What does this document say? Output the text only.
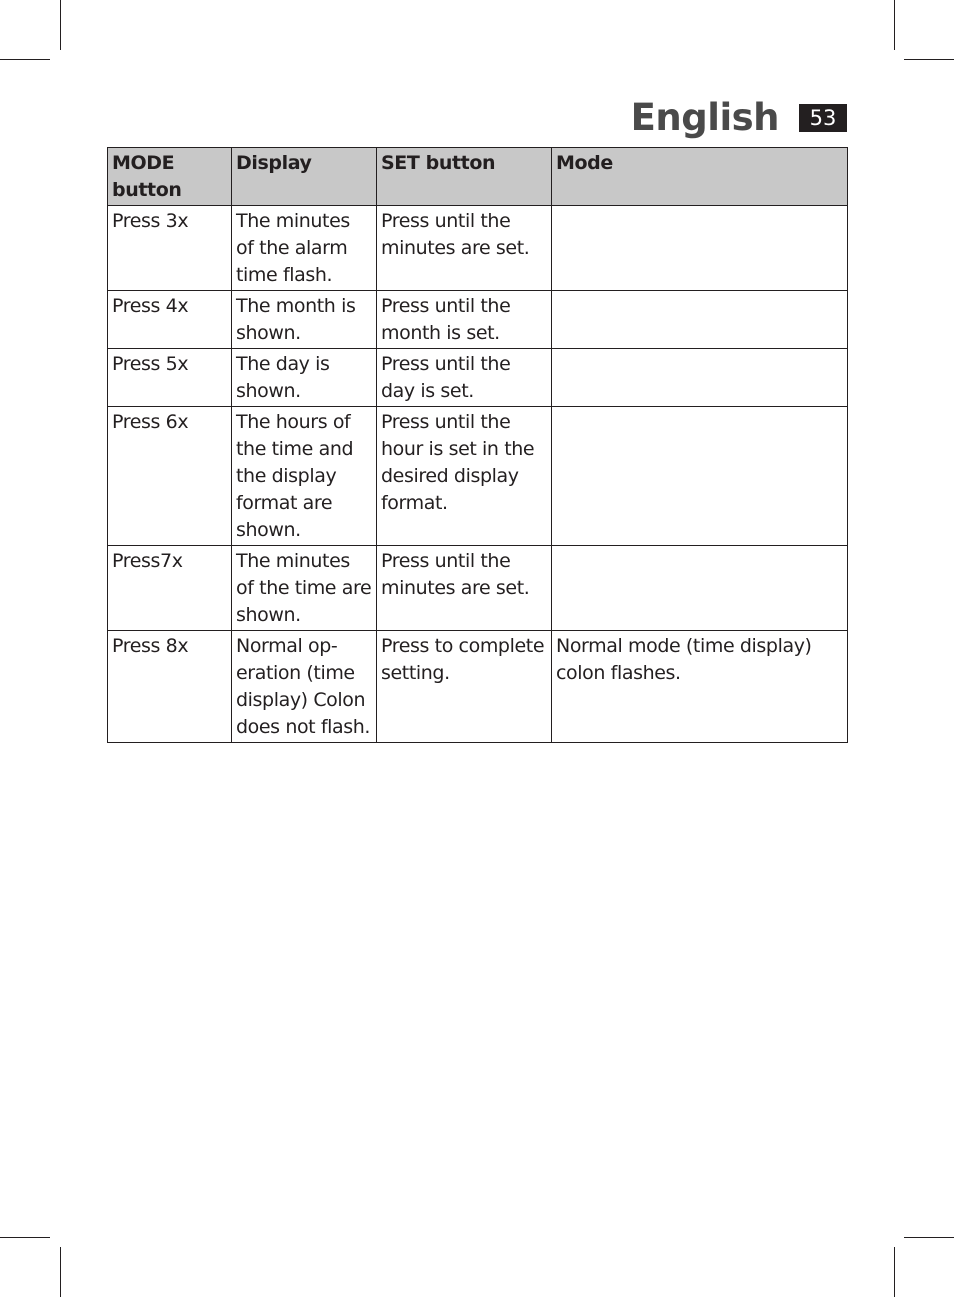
English	53
MODE button	Display	SET button	Mode
Press 3x	The minutes of the alarm time flash.	Press until the minutes are set.	
Press 4x	The month is shown.	Press until the month is set.	
Press 5x	The day is shown.	Press until the day is set.	
Press 6x	The hours of the time and the display format are shown.	Press until the hour is set in the desired display format.	
Press7x	The minutes of the time are shown.	Press until the minutes are set.	
Press 8x	Normal op-eration (time display) Colon does not flash.	Press to complete setting.	Normal mode (time display) colon flashes.
